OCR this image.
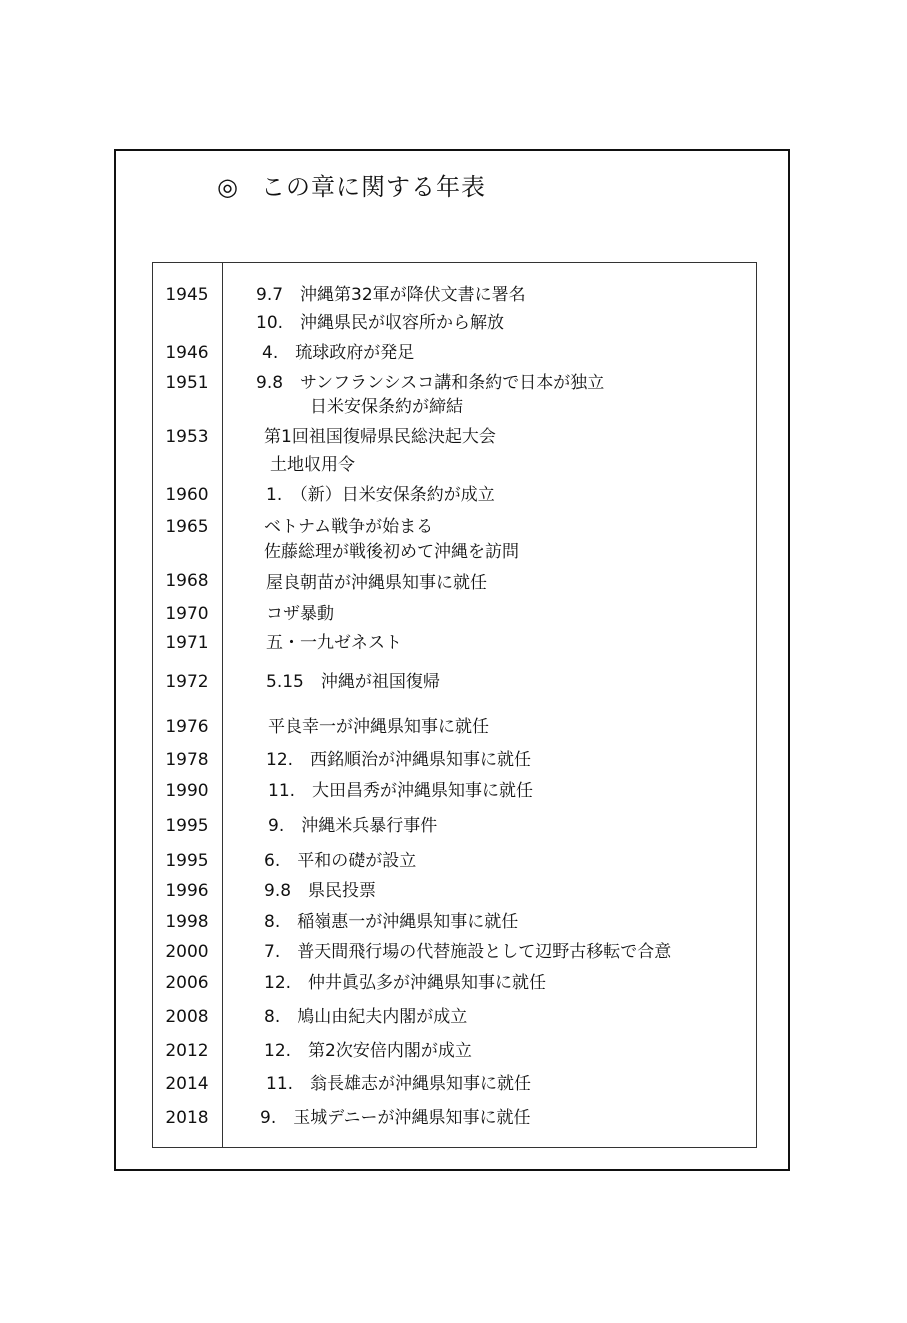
◎ この章に関する年表
1945
1946
1951
1953
1960
1965
1968
1970
1971
1972
1976
1978
1990
1995
1995
1996
1998
2000
2006
2008
2012
2014
2018
9.7　沖縄第32軍が降伏文書に署名
10.　沖縄県民が収容所から解放
4.　琉球政府が発足
9.8　サンフランシスコ講和条約で日本が独立
日米安保条約が締結
第1回祖国復帰県民総決起大会
土地収用令
1.　（新）日米安保条約が成立
ベトナム戦争が始まる
佐藤総理が戦後初めて沖縄を訪問
屋良朝苗が沖縄県知事に就任
コザ暴動
五・一九ゼネスト
5.15　沖縄が祖国復帰
平良幸一が沖縄県知事に就任
12.　西銘順治が沖縄県知事に就任
11.　大田昌秀が沖縄県知事に就任
9.　沖縄米兵暴行事件
6.　平和の礎が設立
9.8　県民投票
8.　稲嶺惠一が沖縄県知事に就任
7.　普天間飛行場の代替施設として辺野古移転で合意
12.　仲井眞弘多が沖縄県知事に就任
8.　鳩山由紀夫内閣が成立
12.　第2次安倍内閣が成立
11.　翁長雄志が沖縄県知事に就任
9.　玉城デニーが沖縄県知事に就任
